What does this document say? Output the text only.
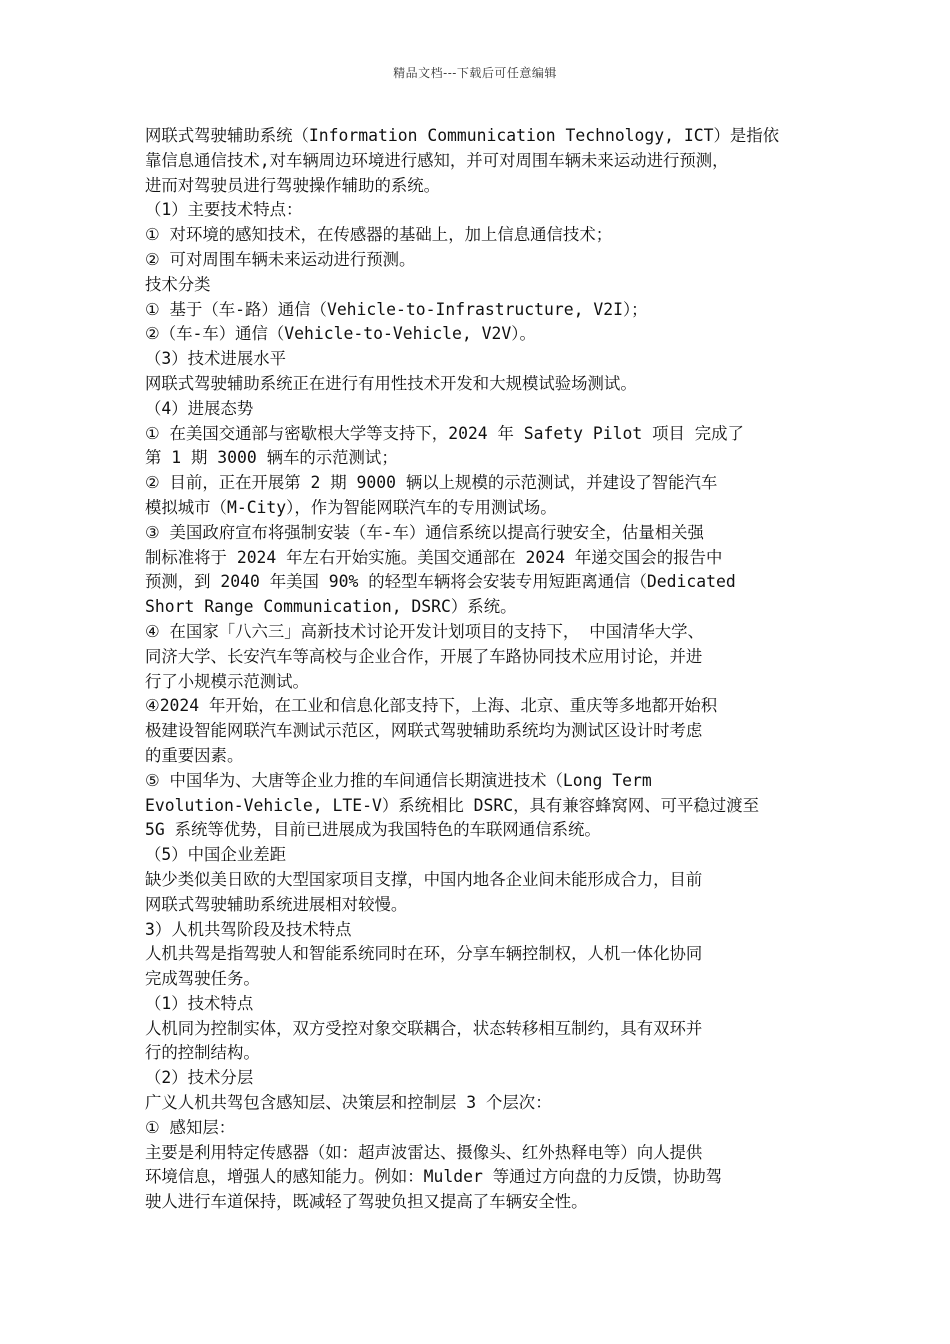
精品文档---下载后可任意编辑
网联式驾驶辅助系统（Information Communication Technology, ICT）是指依
靠信息通信技术,对车辆周边环境进行感知，并可对周围车辆未来运动进行预测，
进而对驾驶员进行驾驶操作辅助的系统。
（1）主要技术特点：
① 对环境的感知技术，在传感器的基础上，加上信息通信技术；
② 可对周围车辆未来运动进行预测。
技术分类
① 基于（车-路）通信（Vehicle-to-Infrastructure, V2I）；
②（车-车）通信（Vehicle-to-Vehicle, V2V）。
（3）技术进展水平
网联式驾驶辅助系统正在进行有用性技术开发和大规模试验场测试。
（4）进展态势
① 在美国交通部与密歇根大学等支持下，2024 年 Safety Pilot 项目 完成了
第 1 期 3000 辆车的示范测试；
② 目前，正在开展第 2 期 9000 辆以上规模的示范测试，并建设了智能汽车
模拟城市（M-City），作为智能网联汽车的专用测试场。
③ 美国政府宣布将强制安装（车-车）通信系统以提高行驶安全，估量相关强
制标准将于 2024 年左右开始实施。美国交通部在 2024 年递交国会的报告中
预测，到 2040 年美国 90% 的轻型车辆将会安装专用短距离通信（Dedicated
Short Range Communication, DSRC）系统。
④ 在国家「八六三」高新技术讨论开发计划项目的支持下， 中国清华大学、
同济大学、长安汽车等高校与企业合作，开展了车路协同技术应用讨论，并进
行了小规模示范测试。
④2024 年开始，在工业和信息化部支持下，上海、北京、重庆等多地都开始积
极建设智能网联汽车测试示范区，网联式驾驶辅助系统均为测试区设计时考虑
的重要因素。
⑤ 中国华为、大唐等企业力推的车间通信长期演进技术（Long Term
Evolution-Vehicle, LTE-V）系统相比 DSRC，具有兼容蜂窝网、可平稳过渡至
5G 系统等优势，目前已进展成为我国特色的车联网通信系统。
（5）中国企业差距
缺少类似美日欧的大型国家项目支撑，中国内地各企业间未能形成合力，目前
网联式驾驶辅助系统进展相对较慢。
3）人机共驾阶段及技术特点
人机共驾是指驾驶人和智能系统同时在环，分享车辆控制权，人机一体化协同
完成驾驶任务。
（1）技术特点
人机同为控制实体，双方受控对象交联耦合，状态转移相互制约，具有双环并
行的控制结构。
（2）技术分层
广义人机共驾包含感知层、决策层和控制层 3 个层次：
① 感知层：
主要是利用特定传感器（如：超声波雷达、摄像头、红外热释电等）向人提供
环境信息，增强人的感知能力。例如：Mulder 等通过方向盘的力反馈，协助驾
驶人进行车道保持，既减轻了驾驶负担又提高了车辆安全性。
